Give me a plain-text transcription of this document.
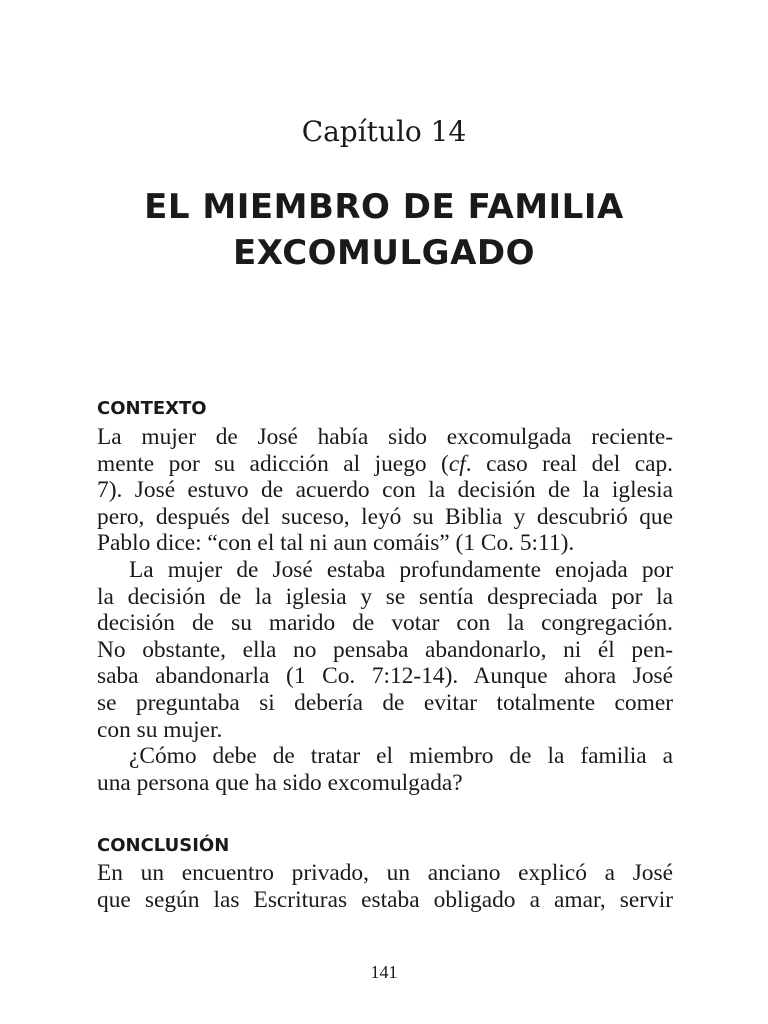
Capítulo 14
EL MIEMBRO DE FAMILIA
EXCOMULGADO
CONTEXTO
La mujer de José había sido excomulgada reciente-
mente por su adicción al juego (cf. caso real del cap.
7). José estuvo de acuerdo con la decisión de la iglesia
pero, después del suceso, leyó su Biblia y descubrió que
Pablo dice: “con el tal ni aun comáis” (1 Co. 5:11).
La mujer de José estaba profundamente enojada por
la decisión de la iglesia y se sentía despreciada por la
decisión de su marido de votar con la congregación.
No obstante, ella no pensaba abandonarlo, ni él pen-
saba abandonarla (1 Co. 7:12-14). Aunque ahora José
se preguntaba si debería de evitar totalmente comer
con su mujer.
¿Cómo debe de tratar el miembro de la familia a
una persona que ha sido excomulgada?
CONCLUSIÓN
En un encuentro privado, un anciano explicó a José
que según las Escrituras estaba obligado a amar, servir
141
